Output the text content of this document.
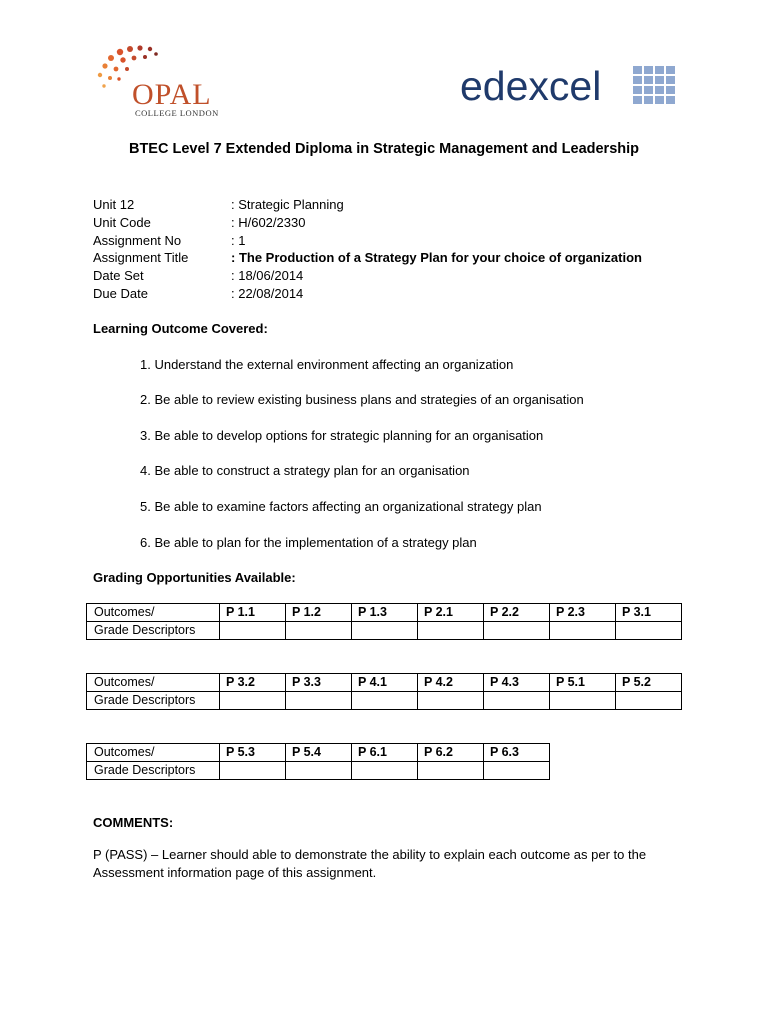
OPAL
COLLEGE LONDON
edexcel
BTEC Level 7 Extended Diploma in Strategic Management and Leadership
Unit 12	: Strategic Planning
Unit Code	: H/602/2330
Assignment No	: 1
Assignment Title	: The Production of a Strategy Plan for your choice of organization
Date Set	: 18/06/2014
Due Date	: 22/08/2014
Learning Outcome Covered:
1. Understand the external environment affecting an organization
2. Be able to review existing business plans and strategies of an organisation
3. Be able to develop options for strategic planning for an organisation
4. Be able to construct a strategy plan for an organisation
5. Be able to examine factors affecting an organizational strategy plan
6. Be able to plan for the implementation of a strategy plan
Grading Opportunities Available:
Outcomes/	P 1.1	P 1.2	P 1.3	P 2.1	P 2.2	P 2.3	P 3.1
Grade Descriptors							
Outcomes/	P 3.2	P 3.3	P 4.1	P 4.2	P 4.3	P 5.1	P 5.2
Grade Descriptors							
Outcomes/	P 5.3	P 5.4	P 6.1	P 6.2	P 6.3
Grade Descriptors					
COMMENTS:
P (PASS) – Learner should able to demonstrate the ability to explain each outcome as per to the Assessment information page of this assignment.
